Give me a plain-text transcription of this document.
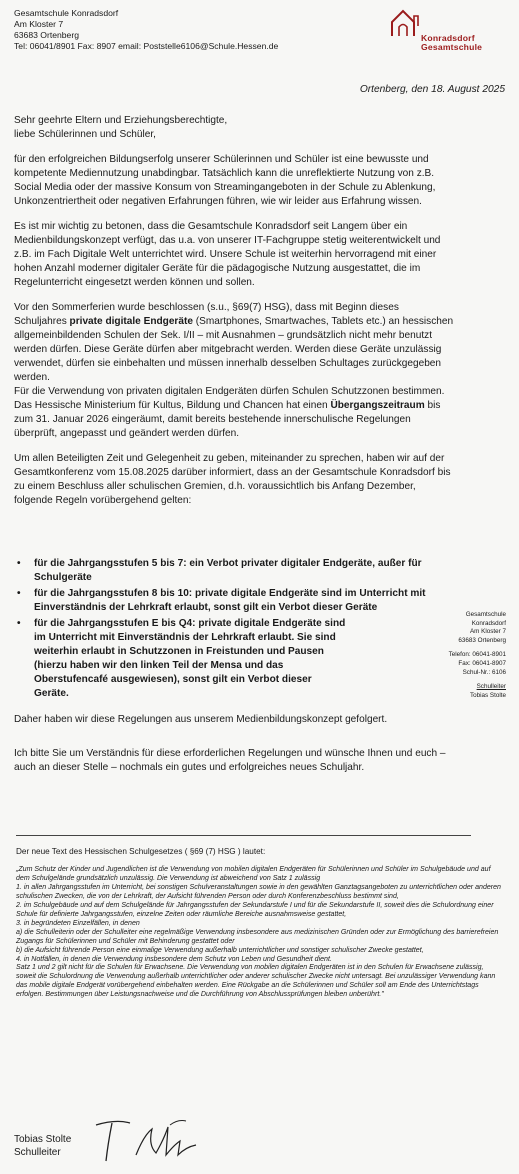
Gesamtschule Konradsdorf
Am Kloster 7
63683 Ortenberg
Tel: 06041/8901 Fax: 8907 email: Poststelle6106@Schule.Hessen.de
Konradsdorf
Gesamtschule
Ortenberg, den 18. August 2025

Sehr geehrte Eltern und Erziehungsberechtigte,
liebe Schülerinnen und Schüler,

für den erfolgreichen Bildungserfolg unserer Schülerinnen und Schüler ist eine bewusste und kompetente Mediennutzung unabdingbar. Tatsächlich kann die unreflektierte Nutzung von z.B. Social Media oder der massive Konsum von Streamingangeboten in der Schule zu Ablenkung, Unkonzentriertheit oder negativen Erfahrungen führen, wie wir leider aus Erfahrung wissen.

Es ist mir wichtig zu betonen, dass die Gesamtschule Konradsdorf seit Langem über ein Medienbildungskonzept verfügt, das u.a. von unserer IT-Fachgruppe stetig weiterentwickelt und z.B. im Fach Digitale Welt unterrichtet wird. Unsere Schule ist weiterhin hervorragend mit einer hohen Anzahl moderner digitaler Geräte für die pädagogische Nutzung ausgestattet, die im Regelunterricht eingesetzt werden können und sollen.

Vor den Sommerferien wurde beschlossen (s.u., §69(7) HSG), dass mit Beginn dieses Schuljahres private digitale Endgeräte (Smartphones, Smartwaches, Tablets etc.) an hessischen allgemeinbildenden Schulen der Sek. I/II – mit Ausnahmen – grundsätzlich nicht mehr benutzt werden dürfen. Diese Geräte dürfen aber mitgebracht werden. Werden diese Geräte unzulässig verwendet, dürfen sie einbehalten und müssen innerhalb desselben Schultages zurückgegeben werden.
Für die Verwendung von privaten digitalen Endgeräten dürfen Schulen Schutzzonen bestimmen.
Das Hessische Ministerium für Kultus, Bildung und Chancen hat einen Übergangszeitraum bis zum 31. Januar 2026 eingeräumt, damit bereits bestehende innerschulische Regelungen überprüft, angepasst und geändert werden dürfen.

Um allen Beteiligten Zeit und Gelegenheit zu geben, miteinander zu sprechen, haben wir auf der Gesamtkonferenz vom 15.08.2025 darüber informiert, dass an der Gesamtschule Konradsdorf bis zu einem Beschluss aller schulischen Gremien, d.h. voraussichtlich bis Anfang Dezember, folgende Regeln vorübergehend gelten:

• für die Jahrgangsstufen 5 bis 7: ein Verbot privater digitaler Endgeräte, außer für Schulgeräte
• für die Jahrgangsstufen 8 bis 10: private digitale Endgeräte sind im Unterricht mit Einverständnis der Lehrkraft erlaubt, sonst gilt ein Verbot dieser Geräte
• für die Jahrgangsstufen E bis Q4: private digitale Endgeräte sind im Unterricht mit Einverständnis der Lehrkraft erlaubt. Sie sind weiterhin erlaubt in Schutzzonen in Freistunden und Pausen (hierzu haben wir den linken Teil der Mensa und das Oberstufencafé ausgewiesen), sonst gilt ein Verbot dieser Geräte.
Gesamtschule
Konradsdorf
Am Kloster 7
63683 Ortenberg
Telefon: 06041-8901
Fax: 06041-8907
Schul-Nr.: 6106
Schulleiter
Tobias Stolte

Daher haben wir diese Regelungen aus unserem Medienbildungskonzept gefolgert.

Ich bitte Sie um Verständnis für diese erforderlichen Regelungen und wünsche Ihnen und euch – auch an dieser Stelle – nochmals ein gutes und erfolgreiches neues Schuljahr.

Der neue Text des Hessischen Schulgesetzes ( §69 (7) HSG ) lautet:
„Zum Schutz der Kinder und Jugendlichen ist die Verwendung von mobilen digitalen Endgeräten für Schülerinnen und Schüler im Schulgebäude und auf dem Schulgelände grundsätzlich unzulässig. Die Verwendung ist abweichend von Satz 1 zulässig
1. in allen Jahrgangsstufen im Unterricht, bei sonstigen Schulveranstaltungen sowie in den gewählten Ganztagsangeboten zu unterrichtlichen oder anderen schulischen Zwecken, die von der Lehrkraft, der Aufsicht führenden Person oder durch Konferenzbeschluss bestimmt sind,
2. im Schulgebäude und auf dem Schulgelände für Jahrgangsstufen der Sekundarstufe I und für die Sekundarstufe II, soweit dies die Schulordnung einer Schule für definierte Jahrgangsstufen, einzelne Zeiten oder räumliche Bereiche ausnahmsweise gestattet,
3. in begründeten Einzelfällen, in denen
a) die Schulleiterin oder der Schulleiter eine regelmäßige Verwendung insbesondere aus medizinischen Gründen oder zur Ermöglichung des barrierefreien Zugangs für Schülerinnen und Schüler mit Behinderung gestattet oder
b) die Aufsicht führende Person eine einmalige Verwendung außerhalb unterrichtlicher und sonstiger schulischer Zwecke gestattet,
4. in Notfällen, in denen die Verwendung insbesondere dem Schutz von Leben und Gesundheit dient.
Satz 1 und 2 gilt nicht für die Schulen für Erwachsene. Die Verwendung von mobilen digitalen Endgeräten ist in den Schulen für Erwachsene zulässig, soweit die Schulordnung die Verwendung außerhalb unterrichtlicher oder anderer schulischer Zwecke nicht untersagt. Bei unzulässiger Verwendung kann das mobile digitale Endgerät vorübergehend einbehalten werden. Eine Rückgabe an die Schülerinnen und Schüler soll am Ende des Unterrichtstags erfolgen. Bestimmungen über Leistungsnachweise und die Durchführung von Abschlussprüfungen bleiben unberührt."
Tobias Stolte
Schulleiter
